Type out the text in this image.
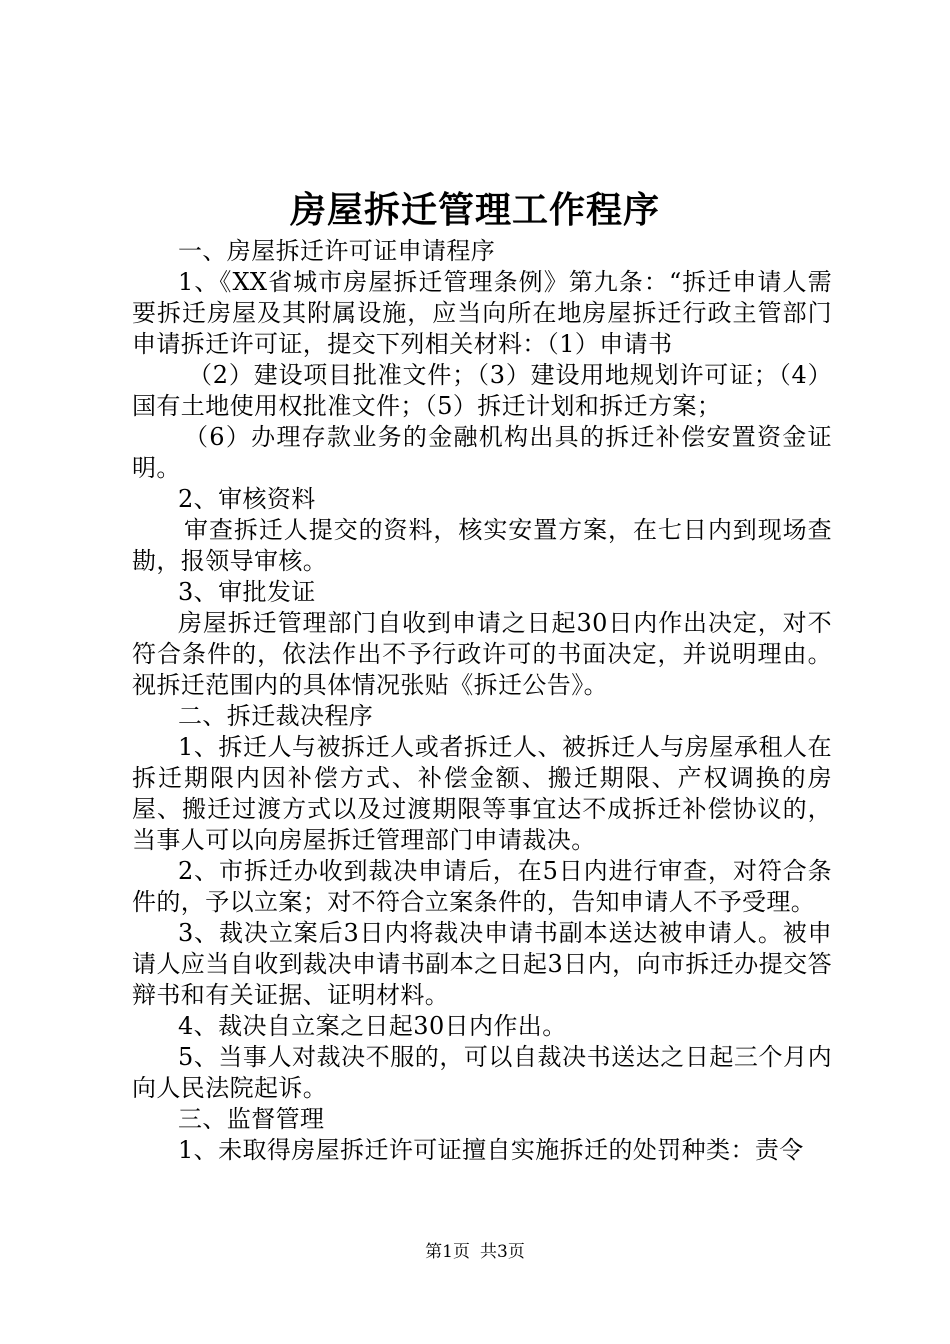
房屋拆迁管理工作程序

一、房屋拆迁许可证申请程序

1、《XX省城市房屋拆迁管理条例》第九条：“拆迁申请人需要拆迁房屋及其附属设施，应当向所在地房屋拆迁行政主管部门申请拆迁许可证，提交下列相关材料：（1）申请书

（2）建设项目批准文件；（3）建设用地规划许可证；（4）国有土地使用权批准文件；（5）拆迁计划和拆迁方案；

（6）办理存款业务的金融机构出具的拆迁补偿安置资金证明。

2、审核资料

审查拆迁人提交的资料，核实安置方案，在七日内到现场查勘，报领导审核。

3、审批发证

房屋拆迁管理部门自收到申请之日起30日内作出决定，对不符合条件的，依法作出不予行政许可的书面决定，并说明理由。视拆迁范围内的具体情况张贴《拆迁公告》。

二、拆迁裁决程序

1、拆迁人与被拆迁人或者拆迁人、被拆迁人与房屋承租人在拆迁期限内因补偿方式、补偿金额、搬迁期限、产权调换的房屋、搬迁过渡方式以及过渡期限等事宜达不成拆迁补偿协议的，当事人可以向房屋拆迁管理部门申请裁决。

2、市拆迁办收到裁决申请后，在5日内进行审查，对符合条件的，予以立案；对不符合立案条件的，告知申请人不予受理。

3、裁决立案后3日内将裁决申请书副本送达被申请人。被申请人应当自收到裁决申请书副本之日起3日内，向市拆迁办提交答辩书和有关证据、证明材料。

4、裁决自立案之日起30日内作出。

5、当事人对裁决不服的，可以自裁决书送达之日起三个月内向人民法院起诉。

三、监督管理

1、未取得房屋拆迁许可证擅自实施拆迁的处罚种类：责令

第1页 共3页
